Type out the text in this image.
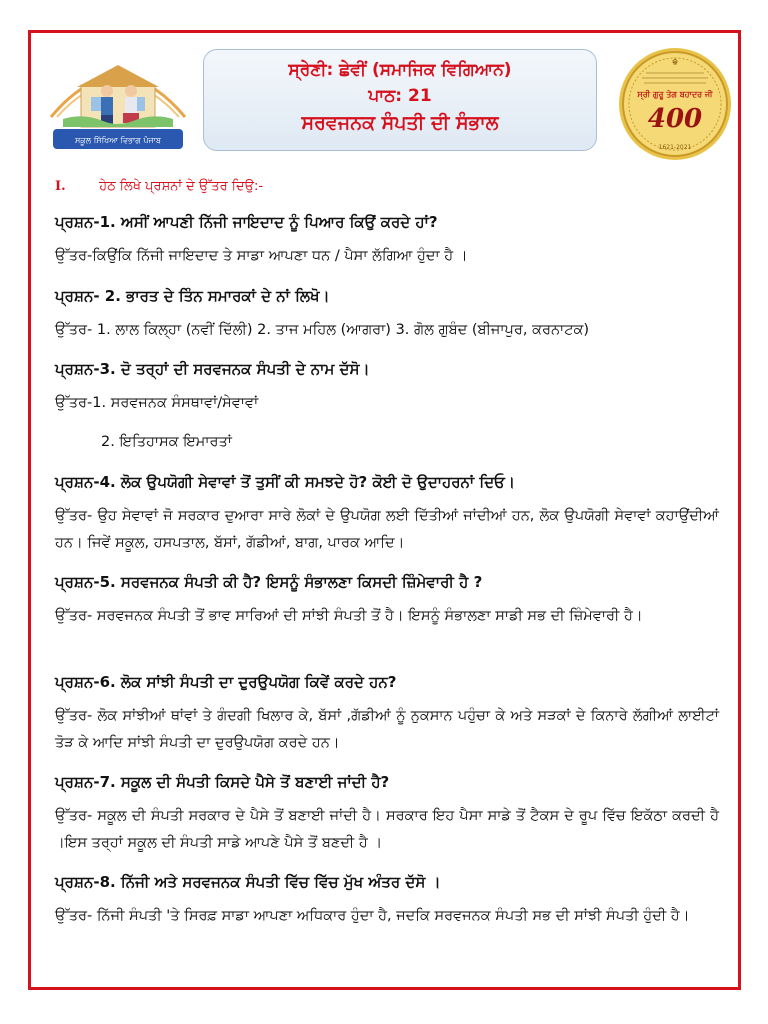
ਸਕੂਲ ਸਿੱਖਿਆ ਵਿਭਾਗ ਪੰਜਾਬ
ਸ੍ਰੇਣੀ: ਛੇਵੀਂ (ਸਮਾਜਿਕ ਵਿਗਿਆਨ)
ਪਾਠ: 21
ਸਰਵਜਨਕ ਸੰਪਤੀ ਦੀ ਸੰਭਾਲ
☬
ਸ੍ਰੀ ਗੁਰੂ ਤੇਗ ਬਹਾਦਰ ਜੀ
400
1621-2021
I.	ਹੇਠ ਲਿਖੇ ਪ੍ਰਸ਼ਨਾਂ ਦੇ ਉੱਤਰ ਦਿਉ:-
ਪ੍ਰਸ਼ਨ-1. ਅਸੀਂ ਆਪਣੀ ਨਿੱਜੀ ਜਾਇਦਾਦ ਨੂੰ ਪਿਆਰ ਕਿਉਂ ਕਰਦੇ ਹਾਂ?
ਉੱਤਰ-ਕਿਉਂਕਿ ਨਿੱਜੀ ਜਾਇਦਾਦ ਤੇ ਸਾਡਾ ਆਪਣਾ ਧਨ / ਪੈਸਾ ਲੱਗਿਆ ਹੁੰਦਾ ਹੈ ।
ਪ੍ਰਸ਼ਨ- 2. ਭਾਰਤ ਦੇ ਤਿੰਨ ਸਮਾਰਕਾਂ ਦੇ ਨਾਂ ਲਿਖੋ।
ਉੱਤਰ- 1. ਲਾਲ ਕਿਲ੍ਹਾ (ਨਵੀਂ ਦਿੱਲੀ) 2. ਤਾਜ ਮਹਿਲ (ਆਗਰਾ) 3. ਗੋਲ ਗੁਬੰਦ (ਬੀਜਾਪੁਰ, ਕਰਨਾਟਕ)
ਪ੍ਰਸ਼ਨ-3. ਦੋ ਤਰ੍ਹਾਂ ਦੀ ਸਰਵਜਨਕ ਸੰਪਤੀ ਦੇ ਨਾਮ ਦੱਸੋ।
ਉੱਤਰ-1. ਸਰਵਜਨਕ ਸੰਸਥਾਵਾਂ/ਸੇਵਾਵਾਂ
2. ਇਤਿਹਾਸਕ ਇਮਾਰਤਾਂ
ਪ੍ਰਸ਼ਨ-4. ਲੋਕ ਉਪਯੋਗੀ ਸੇਵਾਵਾਂ ਤੋਂ ਤੁਸੀਂ ਕੀ ਸਮਝਦੇ ਹੋ? ਕੋਈ ਦੋ ਉਦਾਹਰਨਾਂ ਦਿਓ।
ਉੱਤਰ- ਉਹ ਸੇਵਾਵਾਂ ਜੋ ਸਰਕਾਰ ਦੁਆਰਾ ਸਾਰੇ ਲੋਕਾਂ ਦੇ ਉਪਯੋਗ ਲਈ ਦਿੱਤੀਆਂ ਜਾਂਦੀਆਂ ਹਨ, ਲੋਕ ਉਪਯੋਗੀ ਸੇਵਾਵਾਂ ਕਹਾਉਂਦੀਆਂ ਹਨ। ਜਿਵੇਂ ਸਕੂਲ, ਹਸਪਤਾਲ, ਬੱਸਾਂ, ਗੱਡੀਆਂ, ਬਾਗ, ਪਾਰਕ ਆਦਿ।
ਪ੍ਰਸ਼ਨ-5. ਸਰਵਜਨਕ ਸੰਪਤੀ ਕੀ ਹੈ? ਇਸਨੂੰ ਸੰਭਾਲਣਾ ਕਿਸਦੀ ਜ਼ਿੰਮੇਵਾਰੀ ਹੈ ?
ਉੱਤਰ- ਸਰਵਜਨਕ ਸੰਪਤੀ ਤੋਂ ਭਾਵ ਸਾਰਿਆਂ ਦੀ ਸਾਂਝੀ ਸੰਪਤੀ ਤੋਂ ਹੈ। ਇਸਨੂੰ ਸੰਭਾਲਣਾ ਸਾਡੀ ਸਭ ਦੀ ਜ਼ਿੰਮੇਵਾਰੀ ਹੈ।
ਪ੍ਰਸ਼ਨ-6. ਲੋਕ ਸਾਂਝੀ ਸੰਪਤੀ ਦਾ ਦੁਰਉਪਯੋਗ ਕਿਵੇਂ ਕਰਦੇ ਹਨ?
ਉੱਤਰ- ਲੋਕ ਸਾਂਝੀਆਂ ਥਾਂਵਾਂ ਤੇ ਗੰਦਗੀ ਖਿਲਾਰ ਕੇ, ਬੱਸਾਂ ,ਗੱਡੀਆਂ ਨੂੰ ਨੁਕਸਾਨ ਪਹੁੰਚਾ ਕੇ ਅਤੇ ਸੜਕਾਂ ਦੇ ਕਿਨਾਰੇ ਲੱਗੀਆਂ ਲਾਈਟਾਂ ਤੋੜ ਕੇ ਆਦਿ ਸਾਂਝੀ ਸੰਪਤੀ ਦਾ ਦੁਰਉਪਯੋਗ ਕਰਦੇ ਹਨ।
ਪ੍ਰਸ਼ਨ-7. ਸਕੂਲ ਦੀ ਸੰਪਤੀ ਕਿਸਦੇ ਪੈਸੇ ਤੋਂ ਬਣਾਈ ਜਾਂਦੀ ਹੈ?
ਉੱਤਰ- ਸਕੂਲ ਦੀ ਸੰਪਤੀ ਸਰਕਾਰ ਦੇ ਪੈਸੇ ਤੋਂ ਬਣਾਈ ਜਾਂਦੀ ਹੈ। ਸਰਕਾਰ ਇਹ ਪੈਸਾ ਸਾਡੇ ਤੋਂ ਟੈਕਸ ਦੇ ਰੂਪ ਵਿੱਚ ਇਕੱਠਾ ਕਰਦੀ ਹੈ ।ਇਸ ਤਰ੍ਹਾਂ ਸਕੂਲ ਦੀ ਸੰਪਤੀ ਸਾਡੇ ਆਪਣੇ ਪੈਸੇ ਤੋਂ ਬਣਦੀ ਹੈ ।
ਪ੍ਰਸ਼ਨ-8. ਨਿੱਜੀ ਅਤੇ ਸਰਵਜਨਕ ਸੰਪਤੀ ਵਿੱਚ ਵਿੱਚ ਮੁੱਖ ਅੰਤਰ ਦੱਸੋ ।
ਉੱਤਰ- ਨਿੱਜੀ ਸੰਪਤੀ 'ਤੇ ਸਿਰਫ਼ ਸਾਡਾ ਆਪਣਾ ਅਧਿਕਾਰ ਹੁੰਦਾ ਹੈ, ਜਦਕਿ ਸਰਵਜਨਕ ਸੰਪਤੀ ਸਭ ਦੀ ਸਾਂਝੀ ਸੰਪਤੀ ਹੁੰਦੀ ਹੈ।
